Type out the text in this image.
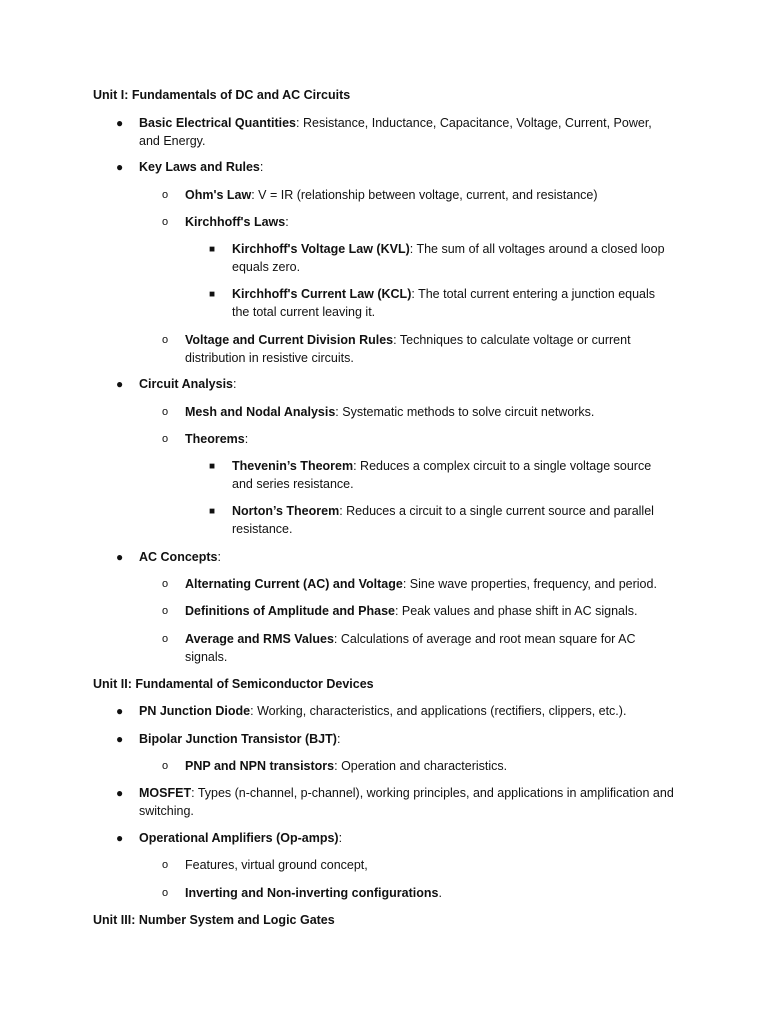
Unit I: Fundamentals of DC and AC Circuits
● Basic Electrical Quantities: Resistance, Inductance, Capacitance, Voltage, Current, Power, and Energy.
● Key Laws and Rules:
o Ohm's Law: V = IR (relationship between voltage, current, and resistance)
o Kirchhoff's Laws:
■ Kirchhoff's Voltage Law (KVL): The sum of all voltages around a closed loop equals zero.
■ Kirchhoff's Current Law (KCL): The total current entering a junction equals the total current leaving it.
o Voltage and Current Division Rules: Techniques to calculate voltage or current distribution in resistive circuits.
● Circuit Analysis:
o Mesh and Nodal Analysis: Systematic methods to solve circuit networks.
o Theorems:
■ Thevenin’s Theorem: Reduces a complex circuit to a single voltage source and series resistance.
■ Norton’s Theorem: Reduces a circuit to a single current source and parallel resistance.
● AC Concepts:
o Alternating Current (AC) and Voltage: Sine wave properties, frequency, and period.
o Definitions of Amplitude and Phase: Peak values and phase shift in AC signals.
o Average and RMS Values: Calculations of average and root mean square for AC signals.
Unit II: Fundamental of Semiconductor Devices
● PN Junction Diode: Working, characteristics, and applications (rectifiers, clippers, etc.).
● Bipolar Junction Transistor (BJT):
o PNP and NPN transistors: Operation and characteristics.
● MOSFET: Types (n-channel, p-channel), working principles, and applications in amplification and switching.
● Operational Amplifiers (Op-amps):
o Features, virtual ground concept,
o Inverting and Non-inverting configurations.
Unit III: Number System and Logic Gates
